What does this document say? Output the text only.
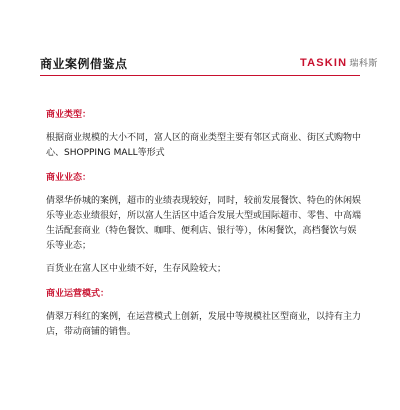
商业案例借鉴点	TASKIN 瑞科斯

商业类型：

根据商业规模的大小不同，富人区的商业类型主要有邻区式商业、街区式购物中心、SHOPPING MALL等形式

商业业态：

倩翠华侨城的案例，超市的业绩表现较好，同时，较前发展餐饮、特色的休闲娱乐等业态业绩很好，所以富人生活区中适合发展大型或国际超市、零售、中高端生活配套商业（特色餐饮、咖啡、便利店、银行等），休闲餐饮，高档餐饮与娱乐等业态；

百货业在富人区中业绩不好，生存风险较大；

商业运营模式：

倩翠万科红的案例，在运营模式上创新，发展中等规模社区型商业，以持有主力店，带动商铺的销售。
